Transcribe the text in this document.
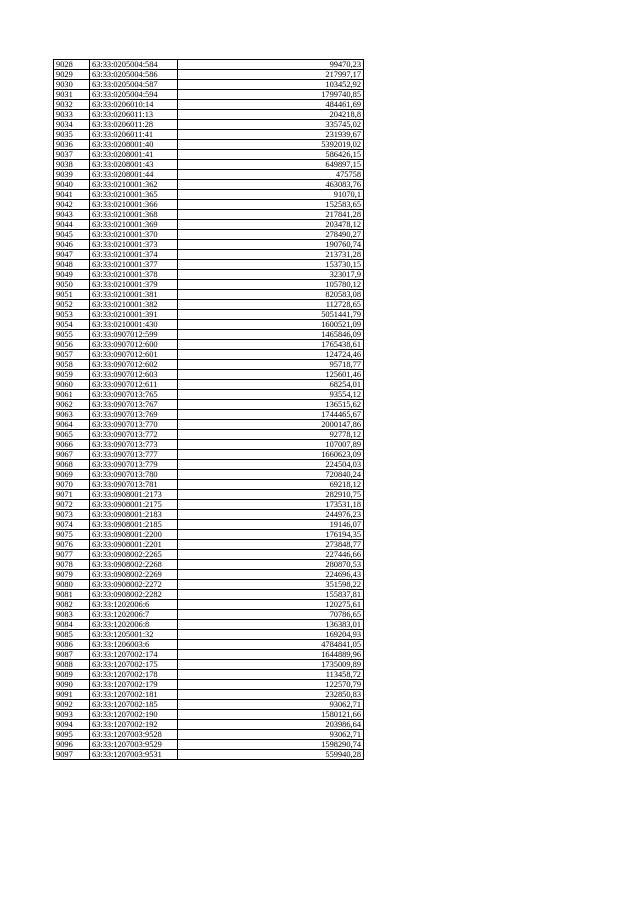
9028	63:33:0205004:584	99470,23
9029	63:33:0205004:586	217997,17
9030	63:33:0205004:587	103452,92
9031	63:33:0205004:594	1799740,85
9032	63:33:0206010:14	484461,69
9033	63:33:0206011:13	204218,8
9034	63:33:0206011:28	335745,02
9035	63:33:0206011:41	231939,67
9036	63:33:0208001:40	5392019,02
9037	63:33:0208001:41	586426,15
9038	63:33:0208001:43	649897,15
9039	63:33:0208001:44	475758
9040	63:33:0210001:362	463083,76
9041	63:33:0210001:365	91070,1
9042	63:33:0210001:366	152583,65
9043	63:33:0210001:368	217841,28
9044	63:33:0210001:369	203478,12
9045	63:33:0210001:370	278490,27
9046	63:33:0210001:373	190760,74
9047	63:33:0210001:374	213731,28
9048	63:33:0210001:377	153730,15
9049	63:33:0210001:378	323017,9
9050	63:33:0210001:379	105780,12
9051	63:33:0210001:381	820583,08
9052	63:33:0210001:382	112728,65
9053	63:33:0210001:391	5051441,79
9054	63:33:0210001:430	1600521,09
9055	63:33:0907012:599	1465846,09
9056	63:33:0907012:600	1765438,61
9057	63:33:0907012:601	124724,46
9058	63:33:0907012:602	95718,77
9059	63:33:0907012:603	125601,46
9060	63:33:0907012:611	68254,01
9061	63:33:0907013:765	93554,12
9062	63:33:0907013:767	136515,62
9063	63:33:0907013:769	1744465,67
9064	63:33:0907013:770	2000147,86
9065	63:33:0907013:772	92778,12
9066	63:33:0907013:773	107007,89
9067	63:33:0907013:777	1660623,09
9068	63:33:0907013:779	224504,03
9069	63:33:0907013:780	720840,24
9070	63:33:0907013:781	69218,12
9071	63:33:0908001:2173	282910,75
9072	63:33:0908001:2175	173531,18
9073	63:33:0908001:2183	244976,23
9074	63:33:0908001:2185	19146,07
9075	63:33:0908001:2200	176194,35
9076	63:33:0908001:2201	273848,77
9077	63:33:0908002:2265	227446,66
9078	63:33:0908002:2268	280870,53
9079	63:33:0908002:2269	224696,43
9080	63:33:0908002:2272	351598,22
9081	63:33:0908002:2282	155837,81
9082	63:33:1202006:6	120275,61
9083	63:33:1202006:7	70786,65
9084	63:33:1202006:8	136383,01
9085	63:33:1205001:32	169204,93
9086	63:33:1206003:6	4784841,05
9087	63:33:1207002:174	1644889,96
9088	63:33:1207002:175	1735009,89
9089	63:33:1207002:178	113458,72
9090	63:33:1207002:179	122570,79
9091	63:33:1207002:181	232850,83
9092	63:33:1207002:185	93062,71
9093	63:33:1207002:190	1580121,66
9094	63:33:1207002:192	203986,64
9095	63:33:1207003:9528	93062,71
9096	63:33:1207003:9529	1598290,74
9097	63:33:1207003:9531	559940,28
